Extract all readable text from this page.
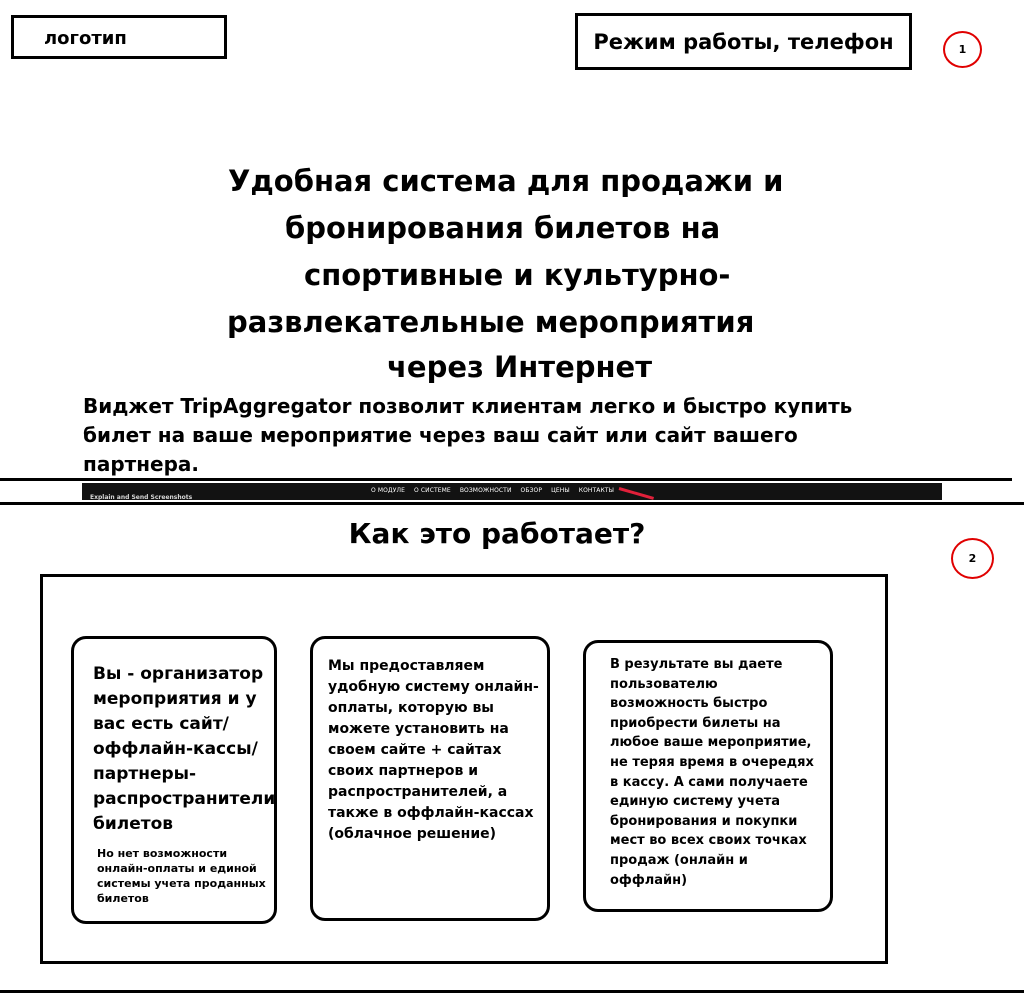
логотип	Режим работы, телефон	1
Удобная система для продажи и
бронирования билетов на
спортивные и культурно-
развлекательные мероприятия
через Интернет
Виджет TripAggregator позволит клиентам легко и быстро купить
билет на ваше мероприятие через ваш сайт или сайт вашего
партнера.
О МОДУЛЕ О СИСТЕМЕ ВОЗМОЖНОСТИ ОБЗОР ЦЕНЫ КОНТАКТЫ
Explain and Send Screenshots
Как это работает?
2
Вы - организатор
мероприятия и у
вас есть сайт/
оффлайн-кассы/
партнеры-
распространители
билетов
Но нет возможности
онлайн-оплаты и единой
системы учета проданных
билетов
Мы предоставляем
удобную систему онлайн-
оплаты, которую вы
можете установить на
своем сайте + сайтах
своих партнеров и
распространителей, а
также в оффлайн-кассах
(облачное решение)
В результате вы даете
пользователю
возможность быстро
приобрести билеты на
любое ваше мероприятие,
не теряя время в очередях
в кассу. А сами получаете
единую систему учета
бронирования и покупки
мест во всех своих точках
продаж (онлайн и
оффлайн)
